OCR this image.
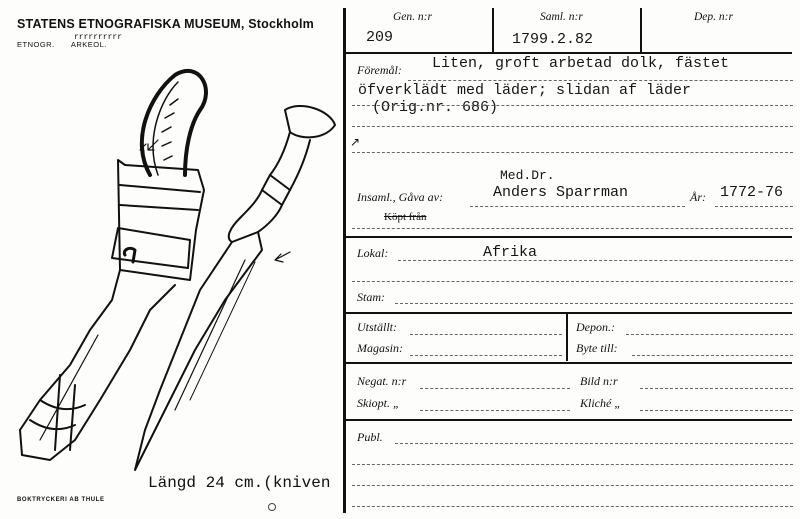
STATENS ETNOGRAFISKA MUSEUM, Stockholm
ETNOGR. ARKEOL.
rrrrrrrrrr
Längd 24 cm.(kniven
BOKTRYCKERI AB THULE
Gen. n:r
209
Saml. n:r
1799.2.82
Dep. n:r
Föremål: Liten, groft arbetad dolk, fästet
öfverklädt med läder; slidan af läder
(Orig.nr. 686)
↗
Med.Dr.
Insaml., Gåva av:	Anders Sparrman	År: 1772-76
Köpt från
Lokal:	Afrika
Stam:
Utställt:	Depon.:
Magasin:	Byte till:
Negat. n:r	Bild n:r
Skiopt. „	Kliché „
Publ.
